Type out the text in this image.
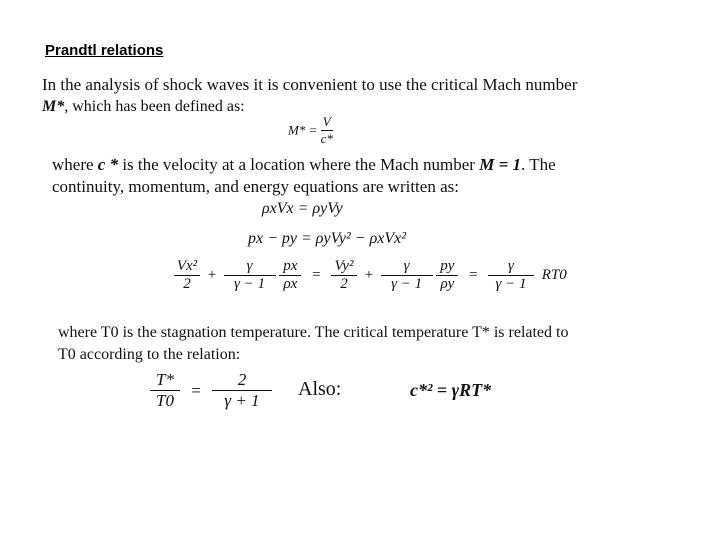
Prandtl relations
In the analysis of shock waves it is convenient to use the critical Mach number
M*, which has been defined as:
$M* = \frac{V}{c*}$
where c * is the velocity at a location where the Mach number M = 1. The
continuity, momentum, and energy equations are written as:
ρxVx = ρyVy
px − py = ρyVy² − ρxVx²
$\frac{\text{Vx²}}{2} + \frac{\gamma}{\gamma - 1}$
$\frac{px}{\rho x} = \frac{\text{Vy²}}{2} + \frac{\gamma}{\gamma - 1}$
$\frac{py}{\rho y} = \frac{\gamma}{\gamma - 1} RT0$
where T0 is the stagnation temperature. The critical temperature T* is related to
T0 according to the relation:
$\frac{T*}{T0} = \frac{2}{\gamma + 1}$ Also:	c*² = γRT*
